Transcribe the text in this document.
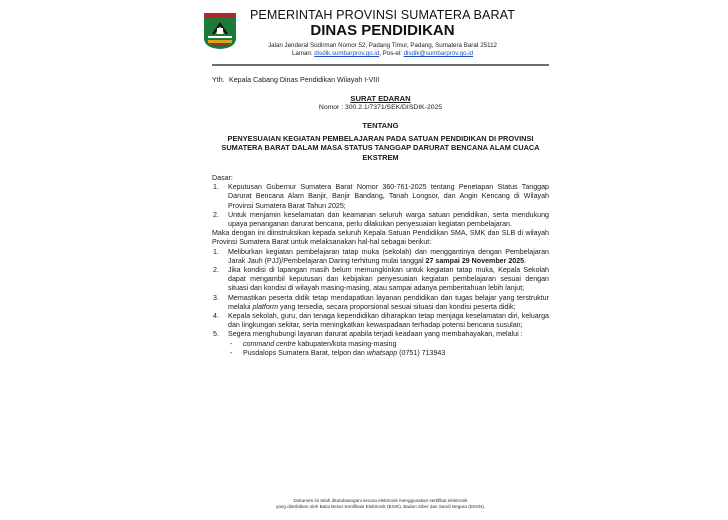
PEMERINTAH PROVINSI SUMATERA BARAT
DINAS PENDIDIKAN
Jalan Jenderal Sudirman Nomor 52, Padang Timur, Padang, Sumatera Barat 25112
Laman: disdik.sumbarprov.go.id, Pos-el: disdik@sumbarprov.go.id
Yth. Kepala Cabang Dinas Pendidikan Wilayah I-VIII
SURAT EDARAN
Nomor : 300.2.1/7371/SEK/DISDIK-2025
TENTANG
PENYESUAIAN KEGIATAN PEMBELAJARAN PADA SATUAN PENDIDIKAN DI PROVINSI SUMATERA BARAT DALAM MASA STATUS TANGGAP DARURAT BENCANA ALAM CUACA EKSTREM
Dasar:
1. Keputusan Gubernur Sumatera Barat Nomor 360-761-2025 tentang Penetapan Status Tanggap Darurat Bencana Alam Banjir, Banjir Bandang, Tanah Longsor, dan Angin Kencang di Wilayah Provinsi Sumatera Barat Tahun 2025;
2. Untuk menjamin keselamatan dan keamanan seluruh warga satuan pendidikan, serta mendukung upaya penanganan darurat bencana, perlu dilakukan penyesuaian kegiatan pembelajaran.
Maka dengan ini diinstruksikan kepada seluruh Kepala Satuan Pendidikan SMA, SMK dan SLB di wilayah Provinsi Sumatera Barat untuk melaksanakan hal-hal sebagai berikut:
1. Meliburkan kegiatan pembelajaran tatap muka (sekolah) dan menggantinya dengan Pembelajaran Jarak Jauh (PJJ)/Pembelajaran Daring terhitung mulai tanggal 27 sampai 29 November 2025.
2. Jika kondisi di lapangan masih belum memungkinkan untuk kegiatan tatap muka, Kepala Sekolah dapat mengambil keputusan dan kebijakan penyesuaian kegiatan pembelajaran sesuai dengan situasi dan kondisi di wilayah masing-masing, atau sampai adanya pemberitahuan lebih lanjut;
3. Memastikan peserta didik tetap mendapatkan layanan pendidikan dan tugas belajar yang terstruktur melalui platform yang tersedia, secara proporsional sesuai situasi dan kondisi peserta didik;
4. Kepala sekolah, guru, dan tenaga kependidikan diharapkan tetap menjaga keselamatan diri, keluarga dan lingkungan sekitar, serta meningkatkan kewaspadaan terhadap potensi bencana susulan;
5. Segera menghubungi layanan darurat apabila terjadi keadaan yang membahayakan, melalui :
- command centre kabupaten/kota masing-masing
- Pusdalops Sumatera Barat, telpon dan whatsapp (0751) 713943
Dokumen ini telah ditandatangani secara elektronik menggunakan sertifikat elektronik
yang diterbitkan oleh Balai Besar Sertifikasi Elektronik (BSrE), Badan Siber dan Sandi Negara (BSSN).
